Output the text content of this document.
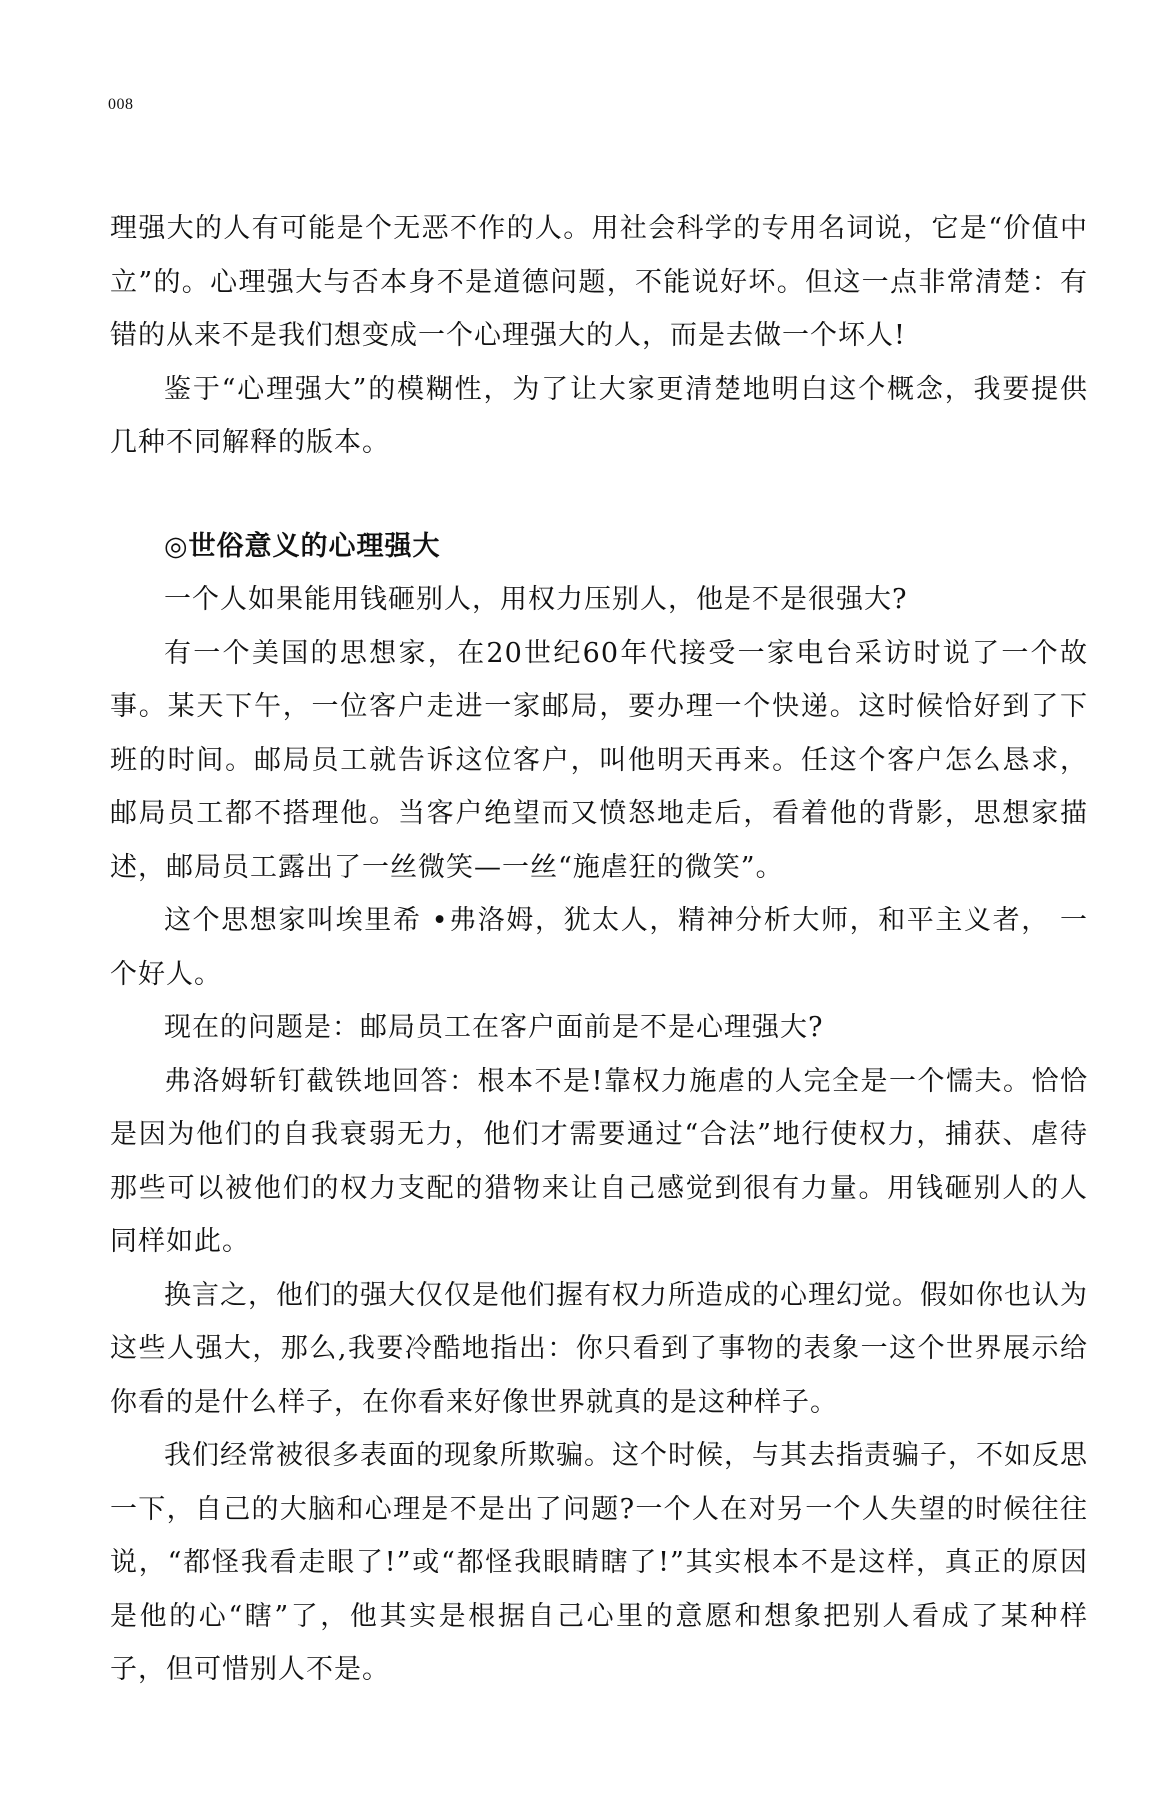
008

理强大的人有可能是个无恶不作的人。用社会科学的专用名词说，它是“价值中立”的。心理强大与否本身不是道德问题，不能说好坏。但这一点非常清楚：有错的从来不是我们想变成一个心理强大的人，而是去做一个坏人!

鉴于“心理强大”的模糊性，为了让大家更清楚地明白这个概念，我要提供几种不同解释的版本。

◎世俗意义的心理强大

一个人如果能用钱砸别人，用权力压别人，他是不是很强大?

有一个美国的思想家，在20世纪60年代接受一家电台采访时说了一个故事。某天下午，一位客户走进一家邮局，要办理一个快递。这时候恰好到了下班的时间。邮局员工就告诉这位客户，叫他明天再来。任这个客户怎么恳求，邮局员工都不搭理他。当客户绝望而又愤怒地走后，看着他的背影，思想家描述，邮局员工露出了一丝微笑—一丝“施虐狂的微笑”。

这个思想家叫埃里希 •弗洛姆，犹太人，精神分析大师，和平主义者， 一个好人。

现在的问题是：邮局员工在客户面前是不是心理强大?

弗洛姆斩钉截铁地回答：根本不是!靠权力施虐的人完全是一个懦夫。恰恰是因为他们的自我衰弱无力，他们才需要通过“合法”地行使权力，捕获、虐待那些可以被他们的权力支配的猎物来让自己感觉到很有力量。用钱砸别人的人同样如此。

换言之，他们的强大仅仅是他们握有权力所造成的心理幻觉。假如你也认为这些人强大，那么,我要冷酷地指出：你只看到了事物的表象一这个世界展示给你看的是什么样子，在你看来好像世界就真的是这种样子。

我们经常被很多表面的现象所欺骗。这个时候，与其去指责骗子，不如反思一下，自己的大脑和心理是不是出了问题?一个人在对另一个人失望的时候往往说，“都怪我看走眼了!”或“都怪我眼睛瞎了!”其实根本不是这样，真正的原因是他的心“瞎”了，他其实是根据自己心里的意愿和想象把别人看成了某种样子，但可惜别人不是。
